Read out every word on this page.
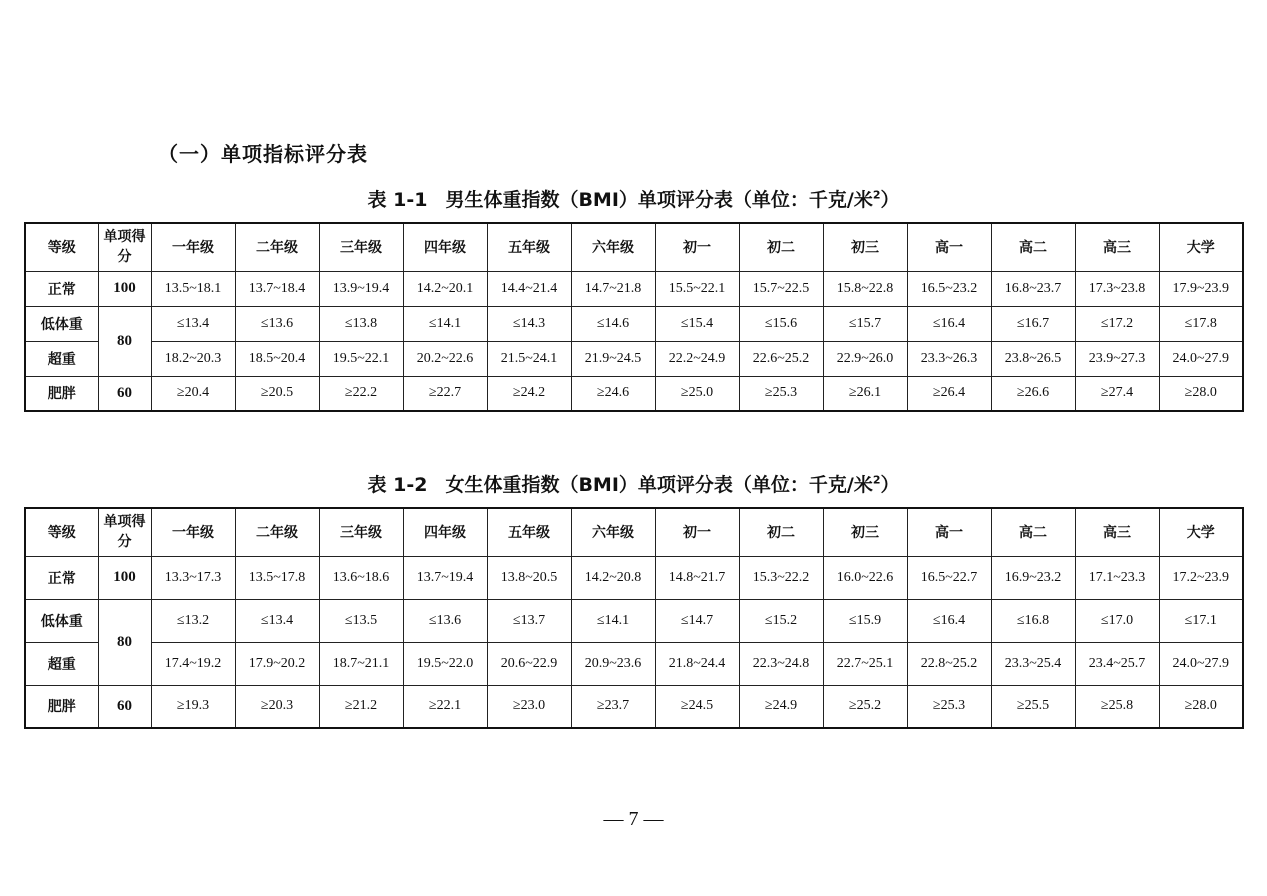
（一）单项指标评分表
表 1-1 男生体重指数（BMI）单项评分表（单位：千克/米$^2$）
等级	单项得分	一年级	二年级	三年级	四年级	五年级	六年级	初一	初二	初三	高一	高二	高三	大学
正常	100	13.5~18.1	13.7~18.4	13.9~19.4	14.2~20.1	14.4~21.4	14.7~21.8	15.5~22.1	15.7~22.5	15.8~22.8	16.5~23.2	16.8~23.7	17.3~23.8	17.9~23.9
低体重	80	≤13.4	≤13.6	≤13.8	≤14.1	≤14.3	≤14.6	≤15.4	≤15.6	≤15.7	≤16.4	≤16.7	≤17.2	≤17.8
超重		18.2~20.3	18.5~20.4	19.5~22.1	20.2~22.6	21.5~24.1	21.9~24.5	22.2~24.9	22.6~25.2	22.9~26.0	23.3~26.3	23.8~26.5	23.9~27.3	24.0~27.9
肥胖	60	≥20.4	≥20.5	≥22.2	≥22.7	≥24.2	≥24.6	≥25.0	≥25.3	≥26.1	≥26.4	≥26.6	≥27.4	≥28.0
表 1-2 女生体重指数（BMI）单项评分表（单位：千克/米$^2$）
等级	单项得分	一年级	二年级	三年级	四年级	五年级	六年级	初一	初二	初三	高一	高二	高三	大学
正常	100	13.3~17.3	13.5~17.8	13.6~18.6	13.7~19.4	13.8~20.5	14.2~20.8	14.8~21.7	15.3~22.2	16.0~22.6	16.5~22.7	16.9~23.2	17.1~23.3	17.2~23.9
低体重	80	≤13.2	≤13.4	≤13.5	≤13.6	≤13.7	≤14.1	≤14.7	≤15.2	≤15.9	≤16.4	≤16.8	≤17.0	≤17.1
超重		17.4~19.2	17.9~20.2	18.7~21.1	19.5~22.0	20.6~22.9	20.9~23.6	21.8~24.4	22.3~24.8	22.7~25.1	22.8~25.2	23.3~25.4	23.4~25.7	24.0~27.9
肥胖	60	≥19.3	≥20.3	≥21.2	≥22.1	≥23.0	≥23.7	≥24.5	≥24.9	≥25.2	≥25.3	≥25.5	≥25.8	≥28.0
— 7 —
